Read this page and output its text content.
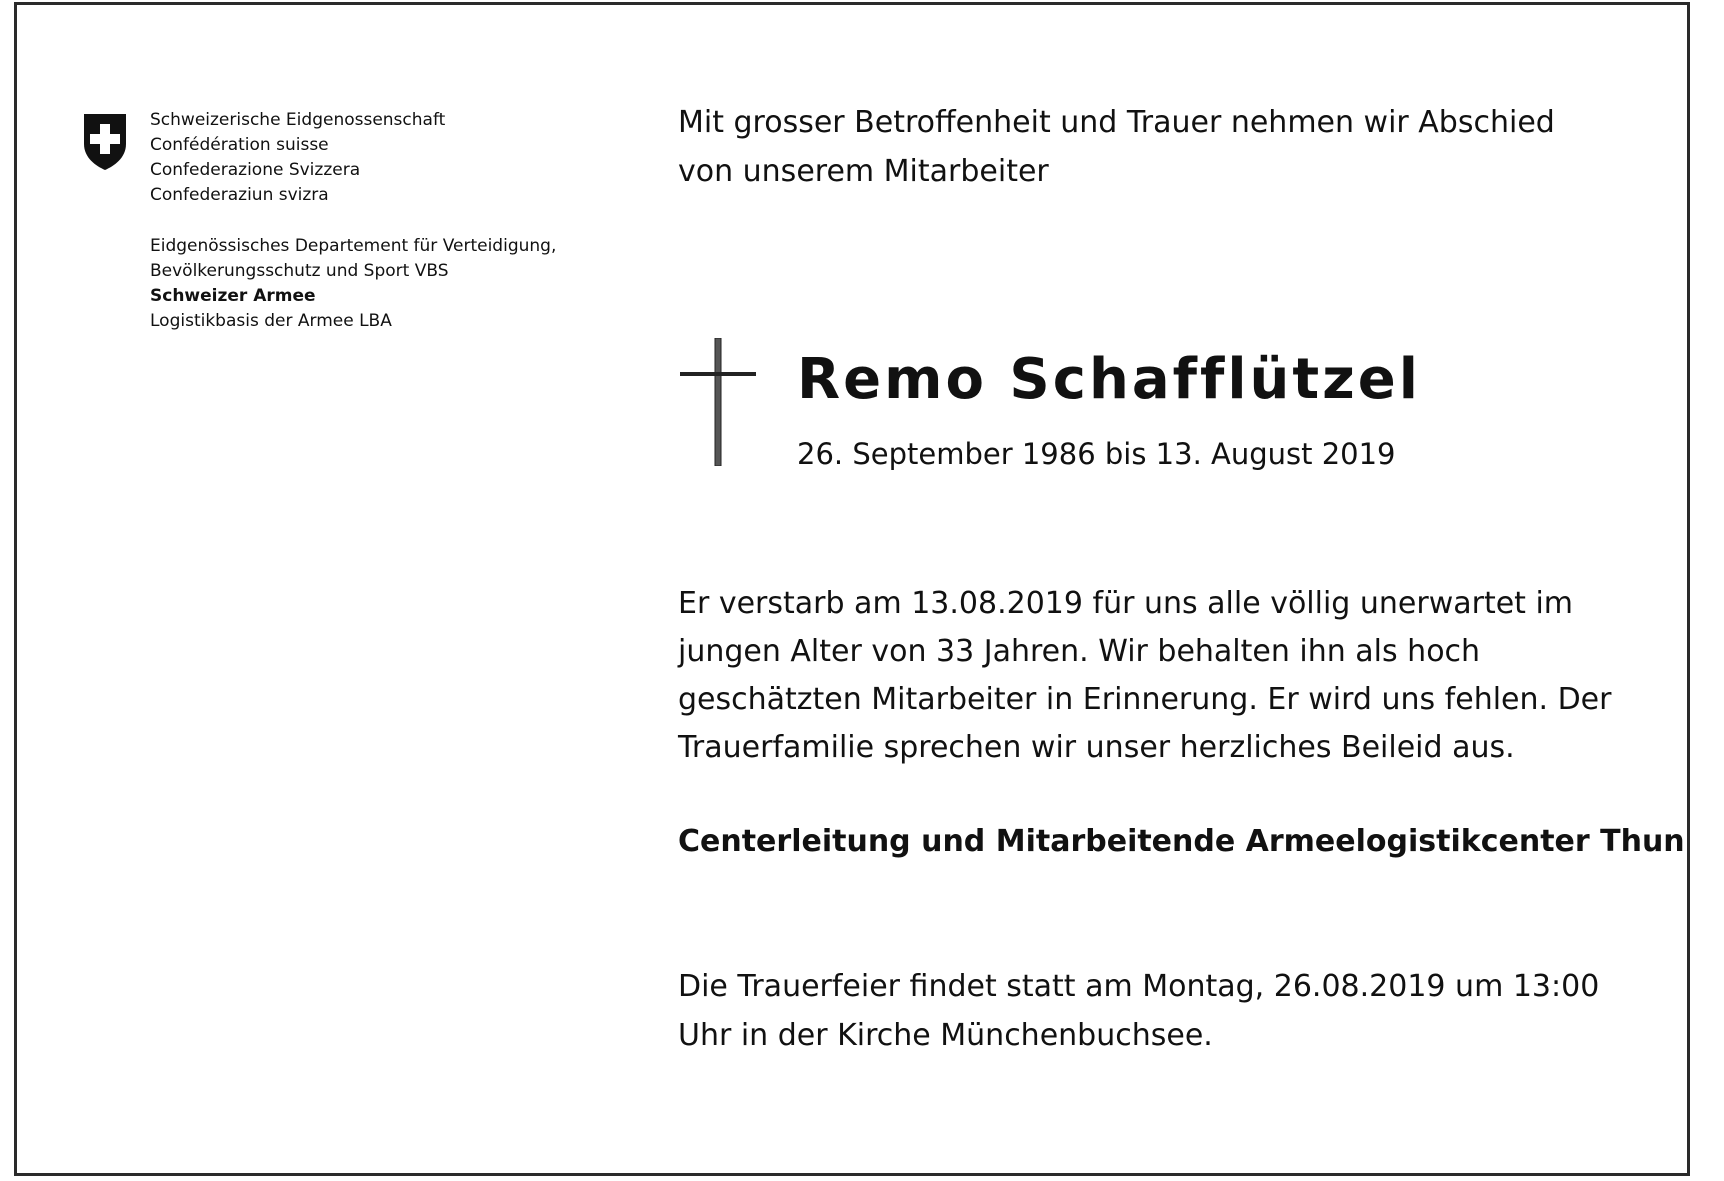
Schweizerische Eidgenossenschaft
Confédération suisse
Confederazione Svizzera
Confederaziun svizra
Eidgenössisches Departement für Verteidigung,
Bevölkerungsschutz und Sport VBS
Schweizer Armee
Logistikbasis der Armee LBA
Mit grosser Betroffenheit und Trauer nehmen wir Abschied
von unserem Mitarbeiter
Remo Schafflützel
26. September 1986 bis 13. August 2019
Er verstarb am 13.08.2019 für uns alle völlig unerwartet im
jungen Alter von 33 Jahren. Wir behalten ihn als hoch
geschätzten Mitarbeiter in Erinnerung. Er wird uns fehlen. Der
Trauerfamilie sprechen wir unser herzliches Beileid aus.
Centerleitung und Mitarbeitende Armeelogistikcenter Thun
Die Trauerfeier findet statt am Montag, 26.08.2019 um 13:00
Uhr in der Kirche Münchenbuchsee.
